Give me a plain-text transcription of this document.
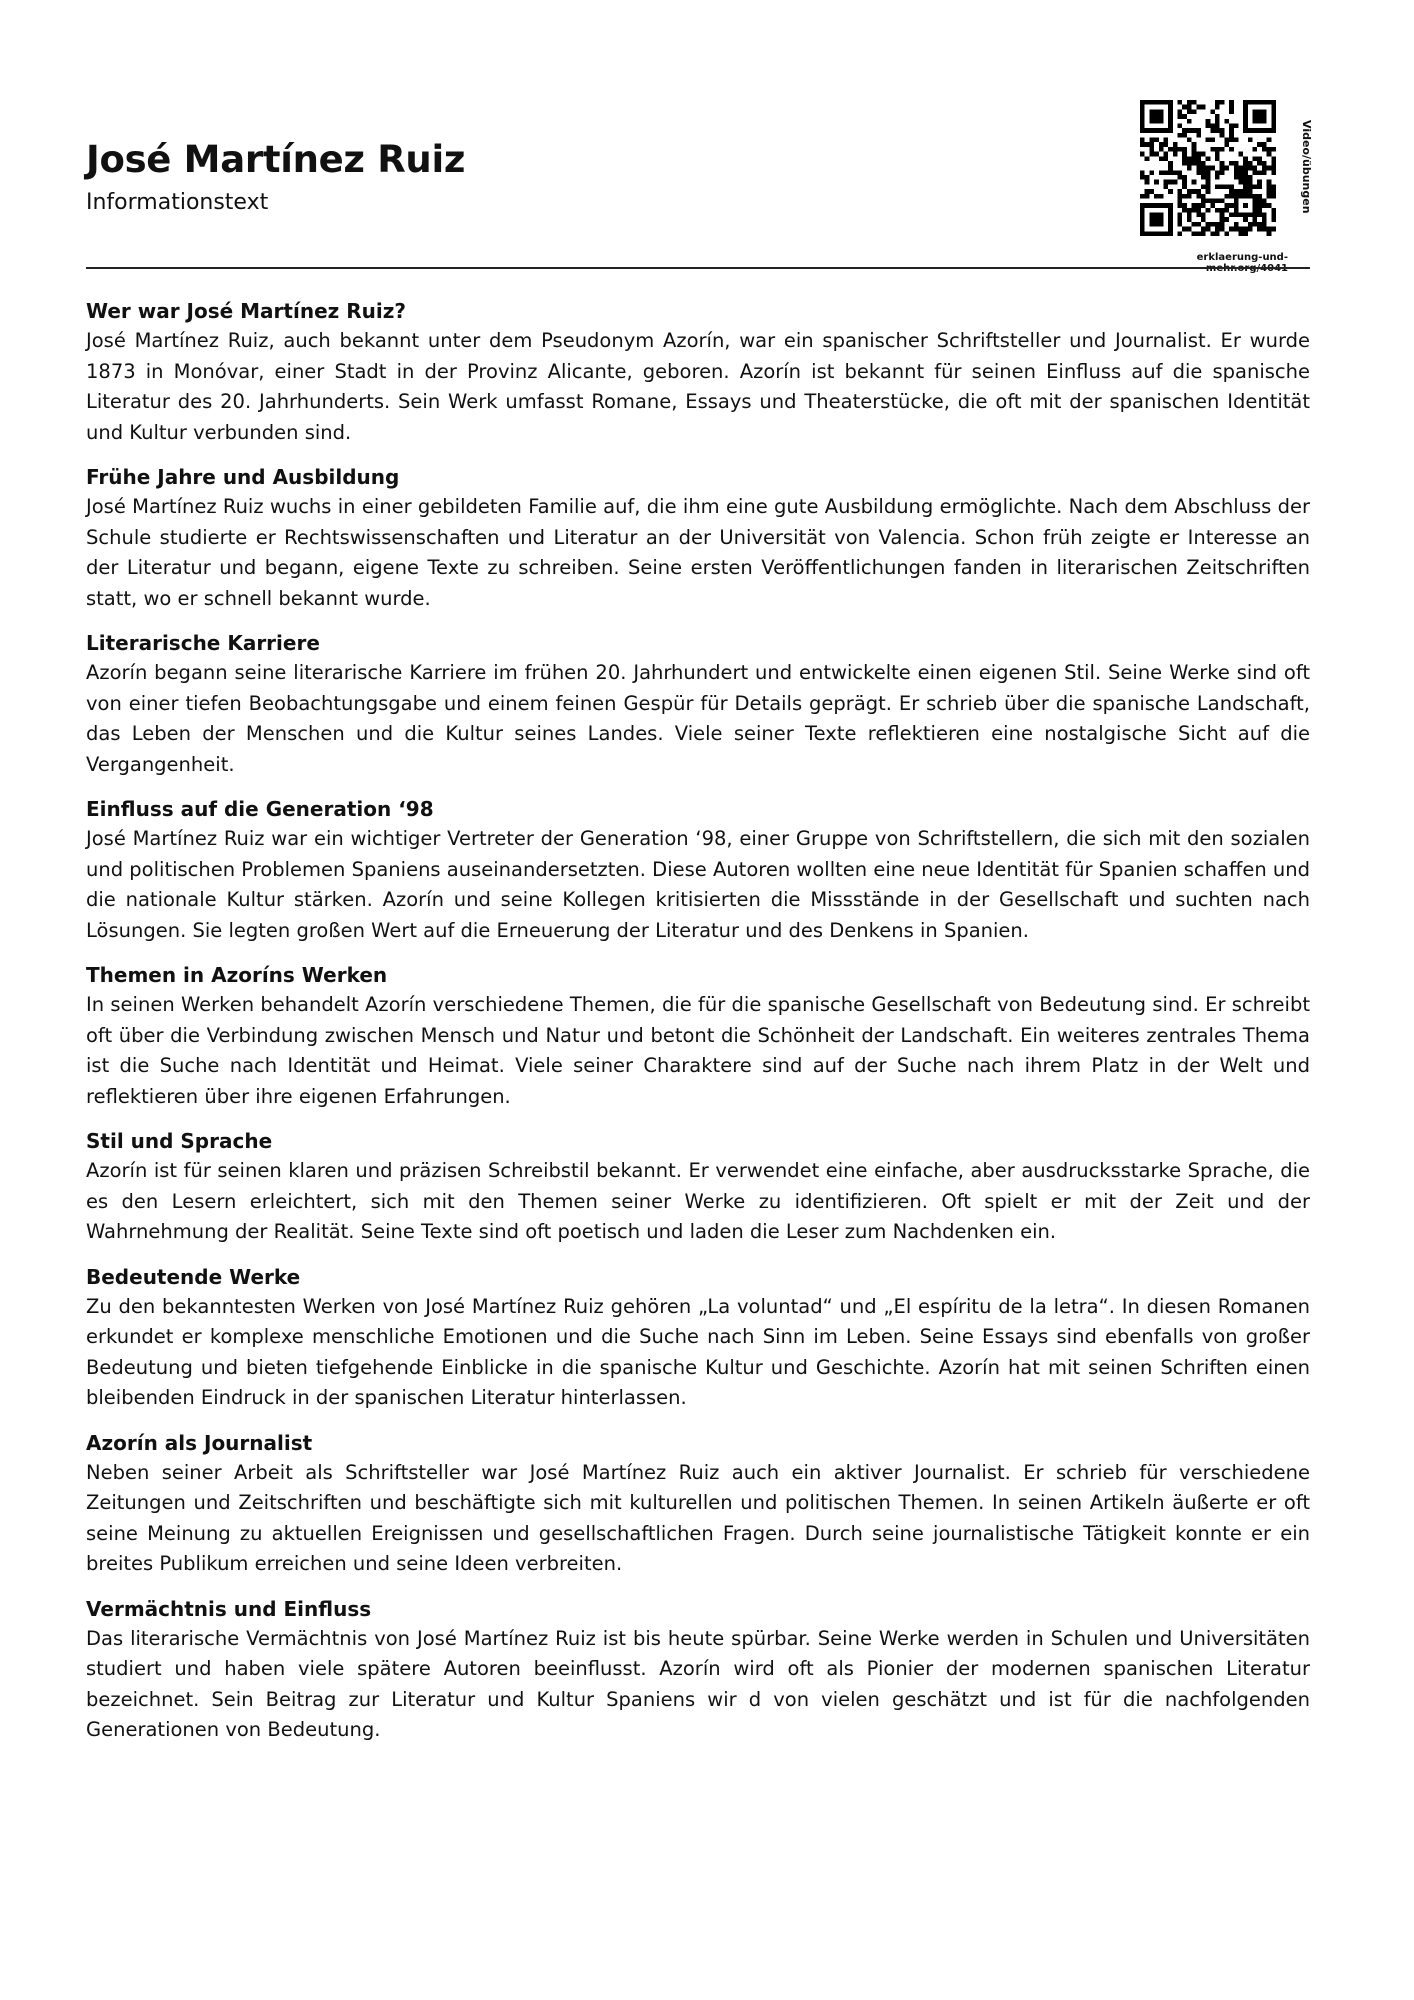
José Martínez Ruiz
Informationstext
erklaerung-und-
Video/übungen
Wer war José Martínez Ruiz?

José Martínez Ruiz, auch bekannt unter dem Pseudonym Azorín, war ein spanischer Schriftsteller und Journalist. Er wurde 1873 in Monóvar, einer Stadt in der Provinz Alicante, geboren. Azorín ist bekannt für seinen Einfluss auf die spanische Literatur des 20. Jahrhunderts. Sein Werk umfasst Romane, Essays und Theaterstücke, die oft mit der spanischen Identität und Kultur verbunden sind.

Frühe Jahre und Ausbildung

José Martínez Ruiz wuchs in einer gebildeten Familie auf, die ihm eine gute Ausbildung ermöglichte. Nach dem Abschluss der Schule studierte er Rechtswissenschaften und Literatur an der Universität von Valencia. Schon früh zeigte er Interesse an der Literatur und begann, eigene Texte zu schreiben. Seine ersten Veröffentlichungen fanden in literarischen Zeitschriften statt, wo er schnell bekannt wurde.

Literarische Karriere

Azorín begann seine literarische Karriere im frühen 20. Jahrhundert und entwickelte einen eigenen Stil. Seine Werke sind oft von einer tiefen Beobachtungsgabe und einem feinen Gespür für Details geprägt. Er schrieb über die spanische Landschaft, das Leben der Menschen und die Kultur seines Landes. Viele seiner Texte reflektieren eine nostalgische Sicht auf die Vergangenheit.

Einfluss auf die Generation ‘98

José Martínez Ruiz war ein wichtiger Vertreter der Generation ‘98, einer Gruppe von Schriftstellern, die sich mit den sozialen und politischen Problemen Spaniens auseinandersetzten. Diese Autoren wollten eine neue Identität für Spanien schaffen und die nationale Kultur stärken. Azorín und seine Kollegen kritisierten die Missstände in der Gesellschaft und suchten nach Lösungen. Sie legten großen Wert auf die Erneuerung der Literatur und des Denkens in Spanien.

Themen in Azoríns Werken

In seinen Werken behandelt Azorín verschiedene Themen, die für die spanische Gesellschaft von Bedeutung sind. Er schreibt oft über die Verbindung zwischen Mensch und Natur und betont die Schönheit der Landschaft. Ein weiteres zentrales Thema ist die Suche nach Identität und Heimat. Viele seiner Charaktere sind auf der Suche nach ihrem Platz in der Welt und reflektieren über ihre eigenen Erfahrungen.

Stil und Sprache

Azorín ist für seinen klaren und präzisen Schreibstil bekannt. Er verwendet eine einfache, aber ausdrucksstarke Sprache, die es den Lesern erleichtert, sich mit den Themen seiner Werke zu identifizieren. Oft spielt er mit der Zeit und der Wahrnehmung der Realität. Seine Texte sind oft poetisch und laden die Leser zum Nachdenken ein.

Bedeutende Werke

Zu den bekanntesten Werken von José Martínez Ruiz gehören „La voluntad“ und „El espíritu de la letra“. In diesen Romanen erkundet er komplexe menschliche Emotionen und die Suche nach Sinn im Leben. Seine Essays sind ebenfalls von großer Bedeutung und bieten tiefgehende Einblicke in die spanische Kultur und Geschichte. Azorín hat mit seinen Schriften einen bleibenden Eindruck in der spanischen Literatur hinterlassen.

Azorín als Journalist

Neben seiner Arbeit als Schriftsteller war José Martínez Ruiz auch ein aktiver Journalist. Er schrieb für verschiedene Zeitungen und Zeitschriften und beschäftigte sich mit kulturellen und politischen Themen. In seinen Artikeln äußerte er oft seine Meinung zu aktuellen Ereignissen und gesellschaftlichen Fragen. Durch seine journalistische Tätigkeit konnte er ein breites Publikum erreichen und seine Ideen verbreiten.

Vermächtnis und Einfluss

Das literarische Vermächtnis von José Martínez Ruiz ist bis heute spürbar. Seine Werke werden in Schulen und Universitäten studiert und haben viele spätere Autoren beeinflusst. Azorín wird oft als Pionier der modernen spanischen Literatur bezeichnet. Sein Beitrag zur Literatur und Kultur Spaniens wir d von vielen geschätzt und ist für die nachfolgenden Generationen von Bedeutung.
